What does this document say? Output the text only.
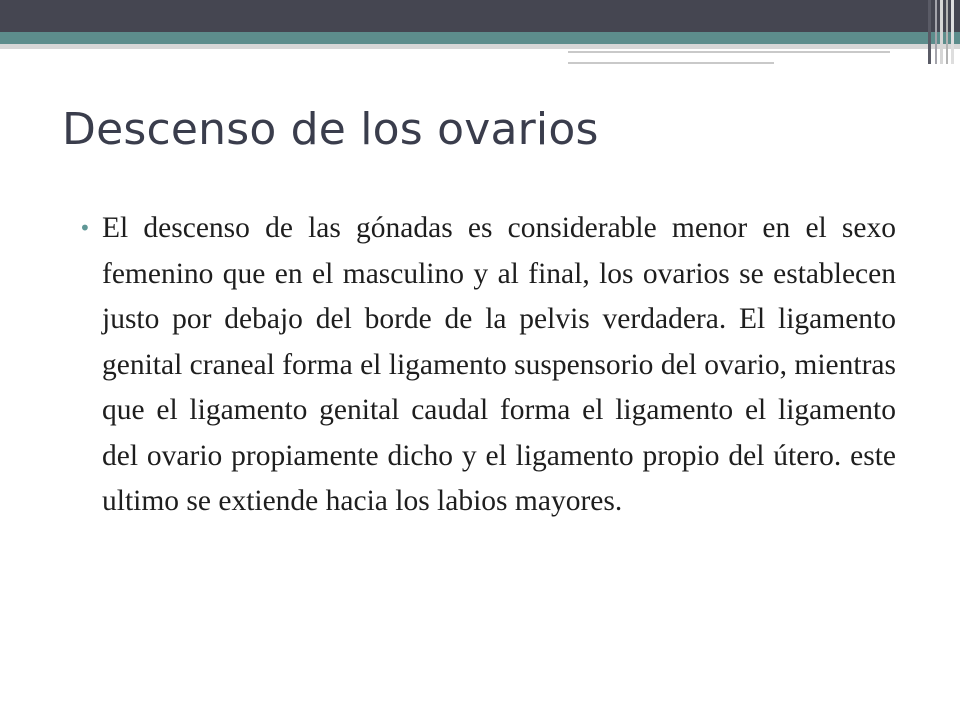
Descenso de los ovarios
• El descenso de las gónadas es considerable menor en el sexo femenino que en el masculino y al final, los ovarios se establecen justo por debajo del borde de la pelvis verdadera. El ligamento genital craneal forma el ligamento suspensorio del ovario, mientras que el ligamento genital caudal forma el ligamento el ligamento del ovario propiamente dicho y el ligamento propio del útero. este ultimo se extiende hacia los labios mayores.
